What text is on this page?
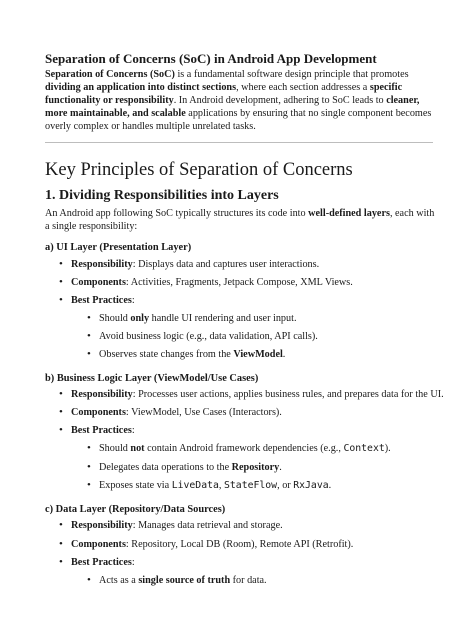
Separation of Concerns (SoC) in Android App Development
Separation of Concerns (SoC) is a fundamental software design principle that promotes dividing an application into distinct sections, where each section addresses a specific functionality or responsibility. In Android development, adhering to SoC leads to cleaner, more maintainable, and scalable applications by ensuring that no single component becomes overly complex or handles multiple unrelated tasks.
Key Principles of Separation of Concerns
1. Dividing Responsibilities into Layers
An Android app following SoC typically structures its code into well-defined layers, each with a single responsibility:
a) UI Layer (Presentation Layer)
• Responsibility: Displays data and captures user interactions.
• Components: Activities, Fragments, Jetpack Compose, XML Views.
• Best Practices:
• Should only handle UI rendering and user input.
• Avoid business logic (e.g., data validation, API calls).
• Observes state changes from the ViewModel.
b) Business Logic Layer (ViewModel/Use Cases)
• Responsibility: Processes user actions, applies business rules, and prepares data for the UI.
• Components: ViewModel, Use Cases (Interactors).
• Best Practices:
• Should not contain Android framework dependencies (e.g., Context).
• Delegates data operations to the Repository.
• Exposes state via LiveData, StateFlow, or RxJava.
c) Data Layer (Repository/Data Sources)
• Responsibility: Manages data retrieval and storage.
• Components: Repository, Local DB (Room), Remote API (Retrofit).
• Best Practices:
• Acts as a single source of truth for data.
